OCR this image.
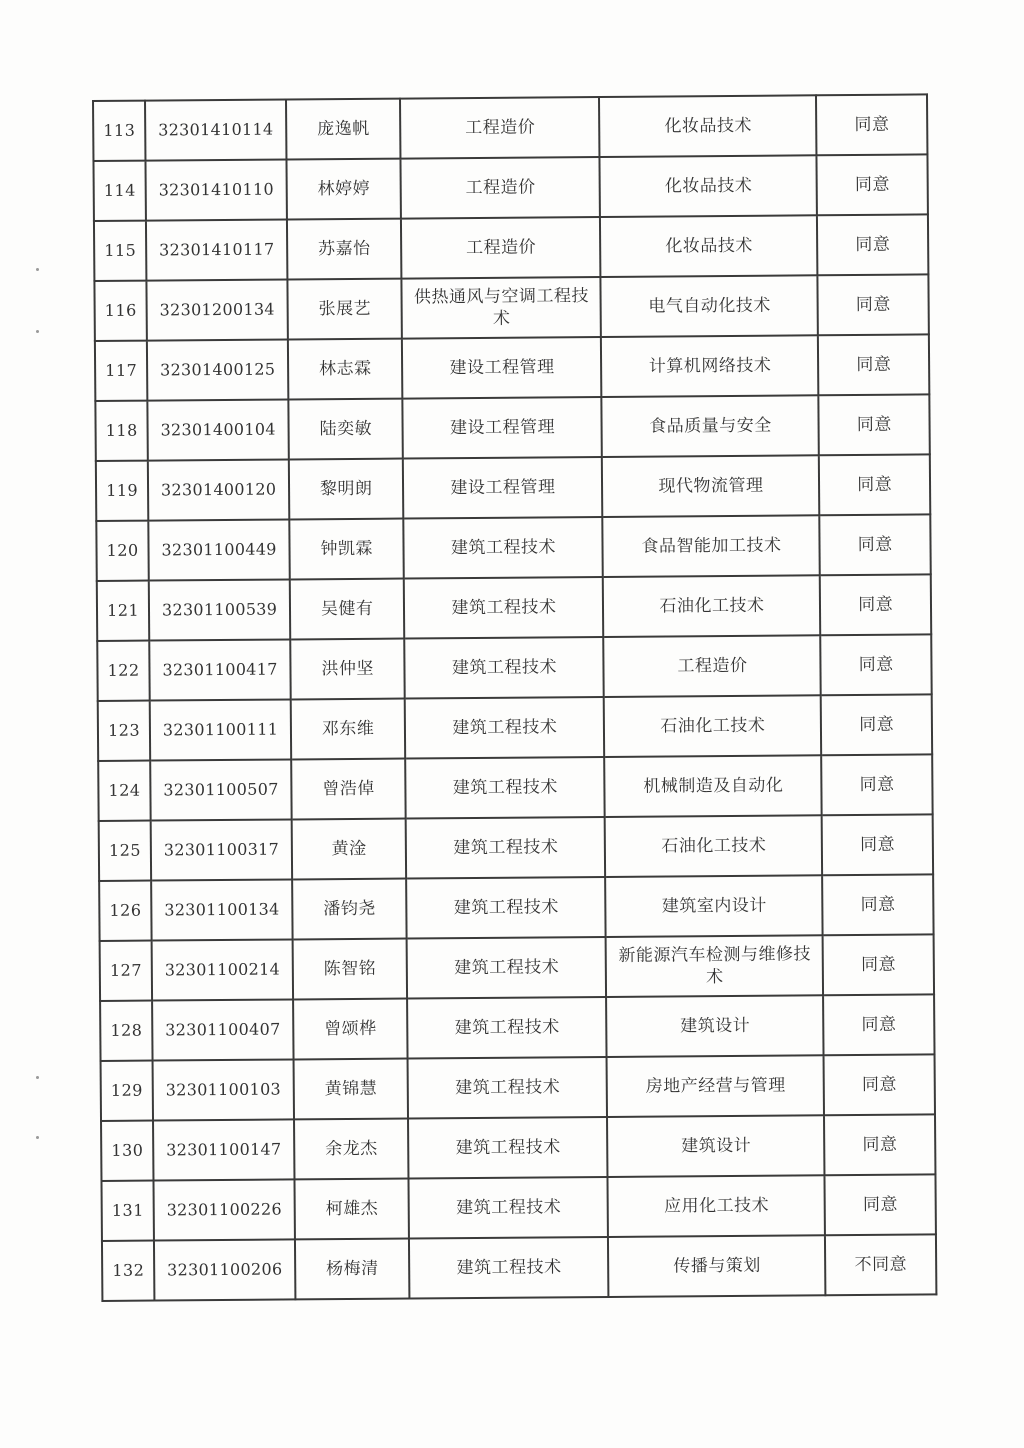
113	32301410114	庞逸帆	工程造价	化妆品技术	同意
114	32301410110	林婷婷	工程造价	化妆品技术	同意
115	32301410117	苏嘉怡	工程造价	化妆品技术	同意
116	32301200134	张展艺	供热通风与空调工程技术	电气自动化技术	同意
117	32301400125	林志霖	建设工程管理	计算机网络技术	同意
118	32301400104	陆奕敏	建设工程管理	食品质量与安全	同意
119	32301400120	黎明朗	建设工程管理	现代物流管理	同意
120	32301100449	钟凯霖	建筑工程技术	食品智能加工技术	同意
121	32301100539	吴健有	建筑工程技术	石油化工技术	同意
122	32301100417	洪仲坚	建筑工程技术	工程造价	同意
123	32301100111	邓东维	建筑工程技术	石油化工技术	同意
124	32301100507	曾浩倬	建筑工程技术	机械制造及自动化	同意
125	32301100317	黄淦	建筑工程技术	石油化工技术	同意
126	32301100134	潘钧尧	建筑工程技术	建筑室内设计	同意
127	32301100214	陈智铭	建筑工程技术	新能源汽车检测与维修技术	同意
128	32301100407	曾颂桦	建筑工程技术	建筑设计	同意
129	32301100103	黄锦慧	建筑工程技术	房地产经营与管理	同意
130	32301100147	余龙杰	建筑工程技术	建筑设计	同意
131	32301100226	柯雄杰	建筑工程技术	应用化工技术	同意
132	32301100206	杨梅清	建筑工程技术	传播与策划	不同意
